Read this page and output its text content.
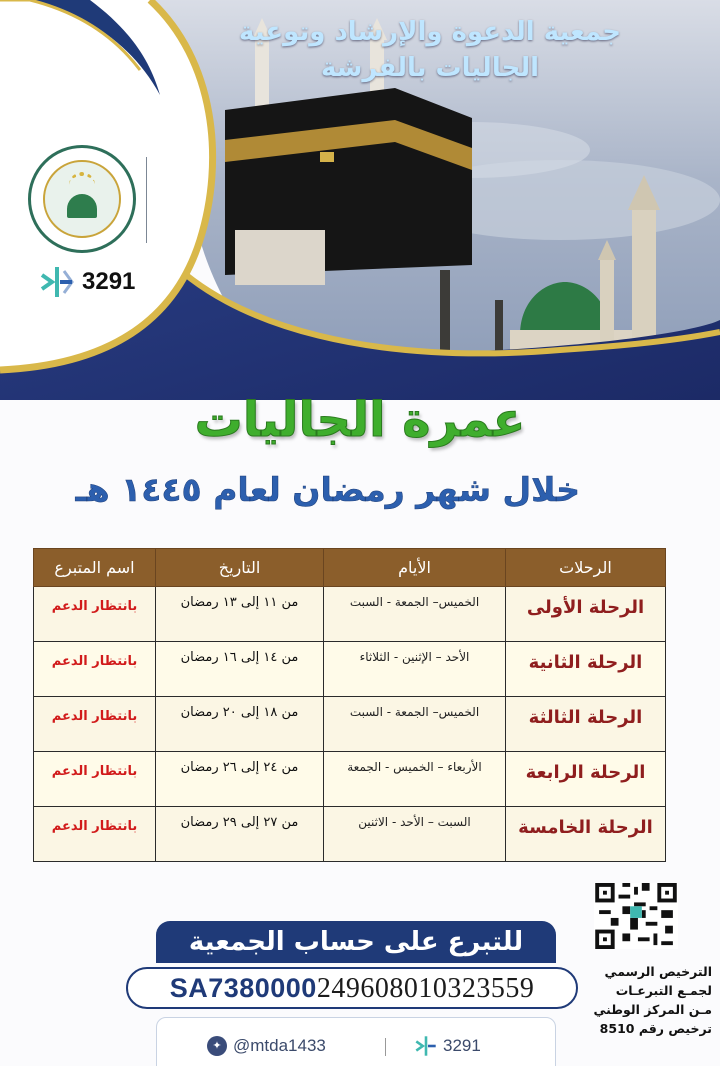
جمعية الدعوة والإرشاد وتوعية
الجاليات بالفرشة
3291
عمرة الجاليات
خلال شهر رمضان لعام ١٤٤٥ هـ
الرحلات	الأيام	التاريخ	اسم المتبرع
الرحلة الأولى	الخميس– الجمعة - السبت	من ١١ إلى ١٣ رمضان	بانتظار الدعم
الرحلة الثانية	الأحد – الإثنين - الثلاثاء	من ١٤ إلى ١٦ رمضان	بانتظار الدعم
الرحلة الثالثة	الخميس– الجمعة - السبت	من ١٨ إلى ٢٠ رمضان	بانتظار الدعم
الرحلة الرابعة	الأربعاء – الخميس - الجمعة	من ٢٤ إلى ٢٦ رمضان	بانتظار الدعم
الرحلة الخامسة	السبت – الأحد - الاثنين	من ٢٧ إلى ٢٩ رمضان	بانتظار الدعم
الترخيص الرسمي
لجمـع التبرعـات
مـن المركز الوطني
ترخيص رقم 8510
للتبرع على حساب الجمعية
SA7380000249608010323559
✦ @mtda1433	3291
